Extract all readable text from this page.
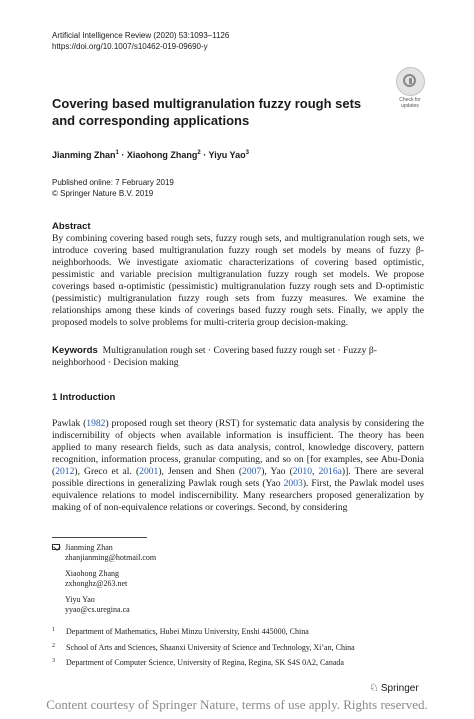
Artificial Intelligence Review (2020) 53:1093–1126
https://doi.org/10.1007/s10462-019-09690-y
Check for
updates
Covering based multigranulation fuzzy rough sets and corresponding applications
Jianming Zhan$^1$ · Xiaohong Zhang$^2$ · Yiyu Yao$^3$
Published online: 7 February 2019
© Springer Nature B.V. 2019
Abstract
By combining covering based rough sets, fuzzy rough sets, and multigranulation rough sets, we introduce covering based multigranulation fuzzy rough set models by means of fuzzy β-neighborhoods. We investigate axiomatic characterizations of covering based optimistic, pessimistic and variable precision multigranulation fuzzy rough set models. We propose coverings based α-optimistic (pessimistic) multigranulation fuzzy rough sets and D-optimistic (pessimistic) multigranulation fuzzy rough sets from fuzzy measures. We examine the relationships among these kinds of coverings based fuzzy rough sets. Finally, we apply the proposed models to solve problems for multi-criteria group decision-making.
Keywords Multigranulation rough set · Covering based fuzzy rough set · Fuzzy β-neighborhood · Decision making
1 Introduction
Pawlak (1982) proposed rough set theory (RST) for systematic data analysis by considering the indiscernibility of objects when available information is insufficient. The theory has been applied to many research fields, such as data analysis, control, knowledge discovery, pattern recognition, information process, granular computing, and so on [for examples, see Abu-Donia (2012), Greco et al. (2001), Jensen and Shen (2007), Yao (2010, 2016a)]. There are several possible directions in generalizing Pawlak rough sets (Yao 2003). First, the Pawlak model uses equivalence relations to model indiscernibility. Many researchers proposed generalization by making of of non-equivalence relations or coverings. Second, by considering
Jianming Zhan
zhanjianming@hotmail.com
Xiaohong Zhang
zxhonghz@263.net
Yiyu Yao
yyao@cs.uregina.ca
1 Department of Mathematics, Hubei Minzu University, Enshi 445000, China
2 School of Arts and Sciences, Shaanxi University of Science and Technology, Xi’an, China
3 Department of Computer Science, University of Regina, Regina, SK S4S 0A2, Canada
♘ Springer
Content courtesy of Springer Nature, terms of use apply. Rights reserved.
